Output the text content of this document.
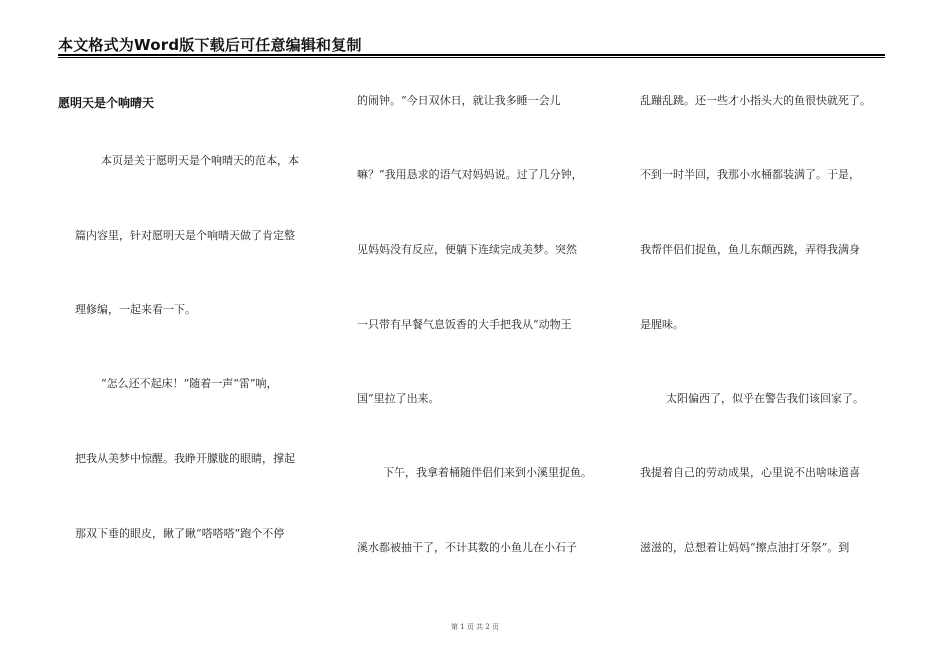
本文格式为Word版下载后可任意编辑和复制
愿明天是个响晴天
本页是关于愿明天是个响晴天的范本，本
篇内容里，针对愿明天是个响晴天做了肯定整
理修编，一起来看一下。
“怎么还不起床！”随着一声“雷”响，
把我从美梦中惊醒。我睁开朦胧的眼睛，撑起
那双下垂的眼皮，瞅了瞅“嗒嗒嗒”跑个不停
的闹钟。“今日双休日，就让我多睡一会儿
嘛？”我用恳求的语气对妈妈说。过了几分钟，
见妈妈没有反应，便躺下连续完成美梦。突然
一只带有早餐气息饭香的大手把我从“动物王
国”里拉了出来。
下午，我拿着桶随伴侣们来到小溪里捉鱼。
溪水都被抽干了，不计其数的小鱼儿在小石子
乱蹦乱跳。还一些才小指头大的鱼很快就死了。
不到一时半回，我那小水桶都装满了。于是，
我帮伴侣们捉鱼，鱼儿东颠西跳，弄得我满身
是腥味。
太阳偏西了，似乎在警告我们该回家了。
我提着自己的劳动成果，心里说不出啥味道喜
滋滋的，总想着让妈妈“擦点油打牙祭”。到
第 1 页 共 2 页
